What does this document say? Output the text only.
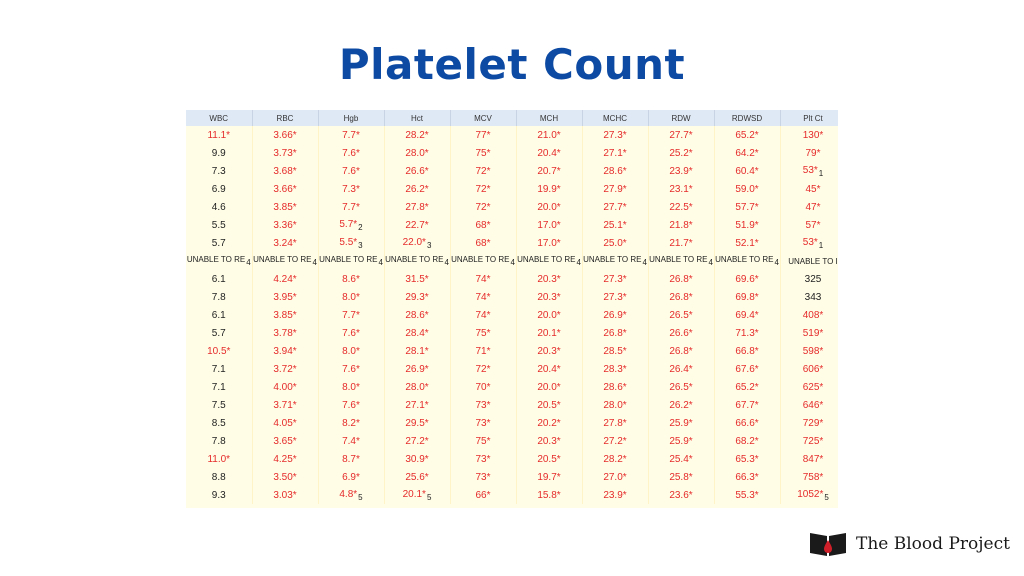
Platelet Count
WBC	RBC	Hgb	Hct	MCV	MCH	MCHC	RDW	RDWSD	Plt Ct
11.1*	3.66*	7.7*	28.2*	77*	21.0*	27.3*	27.7*	65.2*	130*
9.9	3.73*	7.6*	28.0*	75*	20.4*	27.1*	25.2*	64.2*	79*
7.3	3.68*	7.6*	26.6*	72*	20.7*	28.6*	23.9*	60.4*	$53*_1$
6.9	3.66*	7.3*	26.2*	72*	19.9*	27.9*	23.1*	59.0*	45*
4.6	3.85*	7.7*	27.8*	72*	20.0*	27.7*	22.5*	57.7*	47*
5.5	3.36*	$5.7*_2$	22.7*	68*	17.0*	25.1*	21.8*	51.9*	57*
5.7	3.24*	$5.5*_3$	$22.0*_3$	68*	17.0*	25.0*	21.7*	52.1*	$53*_1$
UNABLE TO RE4	UNABLE TO RE4	UNABLE TO RE4	UNABLE TO RE4	UNABLE TO RE4	UNABLE TO RE4	UNABLE TO RE4	UNABLE TO RE4	UNABLE TO RE4	UNABLE TO I
6.1	4.24*	8.6*	31.5*	74*	20.3*	27.3*	26.8*	69.6*	325
7.8	3.95*	8.0*	29.3*	74*	20.3*	27.3*	26.8*	69.8*	343
6.1	3.85*	7.7*	28.6*	74*	20.0*	26.9*	26.5*	69.4*	408*
5.7	3.78*	7.6*	28.4*	75*	20.1*	26.8*	26.6*	71.3*	519*
10.5*	3.94*	8.0*	28.1*	71*	20.3*	28.5*	26.8*	66.8*	598*
7.1	3.72*	7.6*	26.9*	72*	20.4*	28.3*	26.4*	67.6*	606*
7.1	4.00*	8.0*	28.0*	70*	20.0*	28.6*	26.5*	65.2*	625*
7.5	3.71*	7.6*	27.1*	73*	20.5*	28.0*	26.2*	67.7*	646*
8.5	4.05*	8.2*	29.5*	73*	20.2*	27.8*	25.9*	66.6*	729*
7.8	3.65*	7.4*	27.2*	75*	20.3*	27.2*	25.9*	68.2*	725*
11.0*	4.25*	8.7*	30.9*	73*	20.5*	28.2*	25.4*	65.3*	847*
8.8	3.50*	6.9*	25.6*	73*	19.7*	27.0*	25.8*	66.3*	758*
9.3	3.03*	$4.8*_5$	$20.1*_5$	66*	15.8*	23.9*	23.6*	55.3*	$1052*_5$
The Blood Project
